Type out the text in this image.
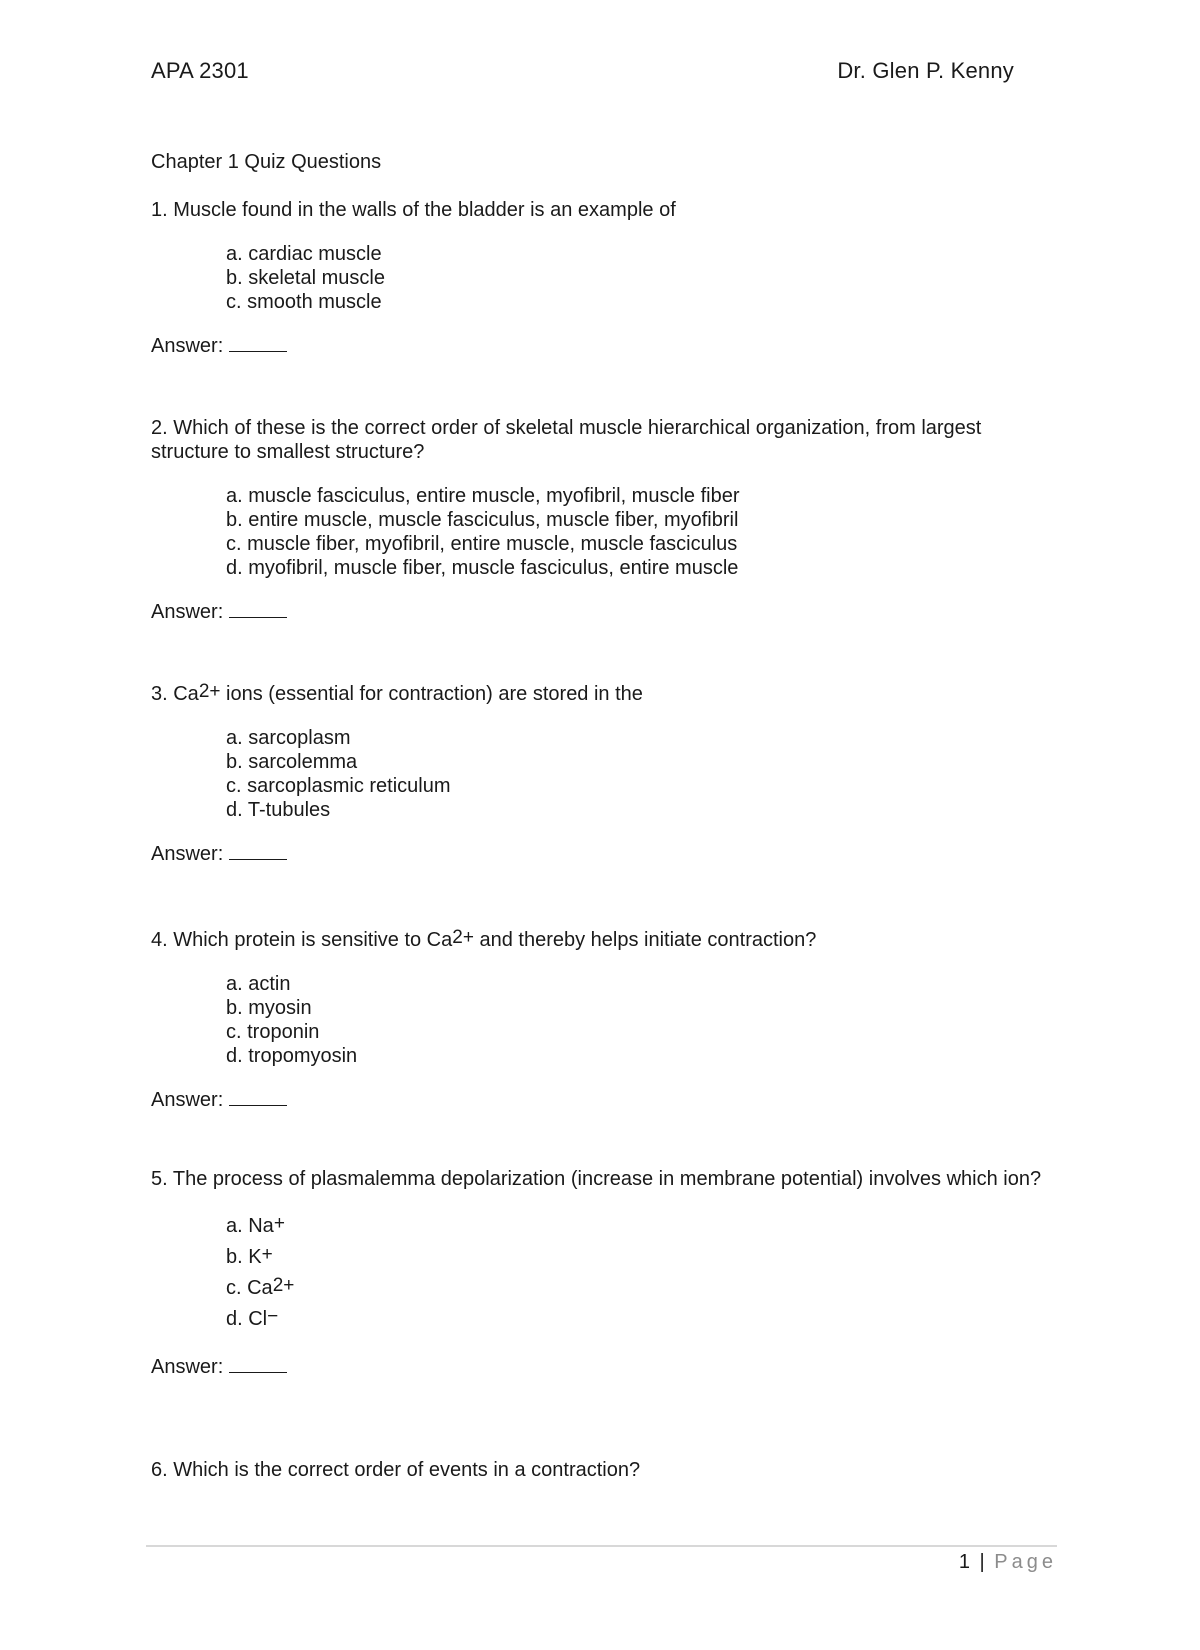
APA 2301	Dr. Glen P. Kenny
Chapter 1 Quiz Questions

1. Muscle found in the walls of the bladder is an example of

a. cardiac muscle
b. skeletal muscle
c. smooth muscle
Answer:

2. Which of these is the correct order of skeletal muscle hierarchical organization, from largest structure to smallest structure?

a. muscle fasciculus, entire muscle, myofibril, muscle fiber
b. entire muscle, muscle fasciculus, muscle fiber, myofibril
c. muscle fiber, myofibril, entire muscle, muscle fasciculus
d. myofibril, muscle fiber, muscle fasciculus, entire muscle
Answer:

3. $Ca^{2+}$ ions (essential for contraction) are stored in the

a. sarcoplasm
b. sarcolemma
c. sarcoplasmic reticulum
d. T-tubules
Answer:

4. Which protein is sensitive to $Ca^{2+}$ and thereby helps initiate contraction?

a. actin
b. myosin
c. troponin
d. tropomyosin
Answer:

5. The process of plasmalemma depolarization (increase in membrane potential) involves which ion?

a. Na+
b. K+
c. $Ca^{2+}$
d. Cl−
Answer:

6. Which is the correct order of events in a contraction?

1 | Page
